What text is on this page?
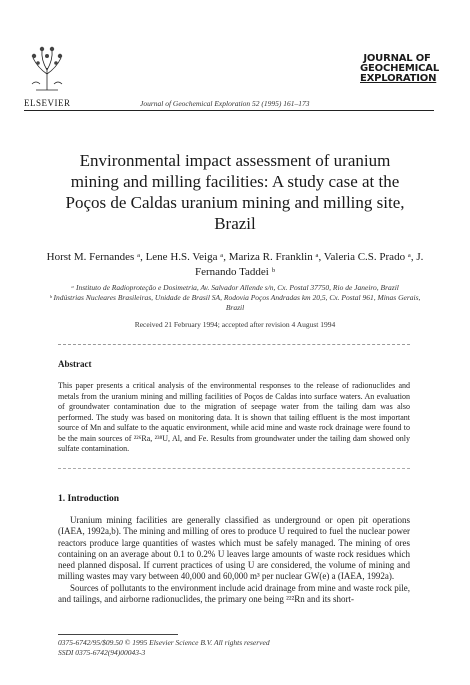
ELSEVIER	Journal of Geochemical Exploration 52 (1995) 161–173
JOURNAL OF
GEOCHEMICAL
EXPLORATION
Environmental impact assessment of uranium mining and milling facilities: A study case at the Poços de Caldas uranium mining and milling site, Brazil
Horst M. Fernandes ᵃ, Lene H.S. Veiga ᵃ, Mariza R. Franklin ᵃ, Valeria C.S. Prado ᵃ, J. Fernando Taddei ᵇ
ᵃ Instituto de Radioproteção e Dosimetria, Av. Salvador Allende s/n, Cx. Postal 37750, Rio de Janeiro, Brazil
ᵇ Indústrias Nucleares Brasileiras, Unidade de Brasil SA, Rodovia Poços Andradas km 20,5, Cx. Postal 961, Minas Gerais, Brazil
Received 21 February 1994; accepted after revision 4 August 1994
Abstract
This paper presents a critical analysis of the environmental responses to the release of radionuclides and metals from the uranium mining and milling facilities of Poços de Caldas into surface waters. An evaluation of groundwater contamination due to the migration of seepage water from the tailing dam was also performed. The study was based on monitoring data. It is shown that tailing effluent is the most important source of Mn and sulfate to the aquatic environment, while acid mine and waste rock drainage were found to be the main sources of ²²⁶Ra, ²³⁸U, Al, and Fe. Results from groundwater under the tailing dam showed only sulfate contamination.
1. Introduction

Uranium mining facilities are generally classified as underground or open pit operations (IAEA, 1992a,b). The mining and milling of ores to produce U required to fuel the nuclear power reactors produce large quantities of wastes which must be safely managed. The mining of ores containing on an average about 0.1 to 0.2% U leaves large amounts of waste rock residues which need planned disposal. If current practices of using U are considered, the volume of mining and milling wastes may vary between 40,000 and 60,000 m³ per nuclear GW(e) a (IAEA, 1992a).

Sources of pollutants to the environment include acid drainage from mine and waste rock pile, and tailings, and airborne radionuclides, the primary one being ²²²Rn and its short-

0375-6742/95/$09.50 © 1995 Elsevier Science B.V. All rights reserved
SSDI 0375-6742(94)00043-3
